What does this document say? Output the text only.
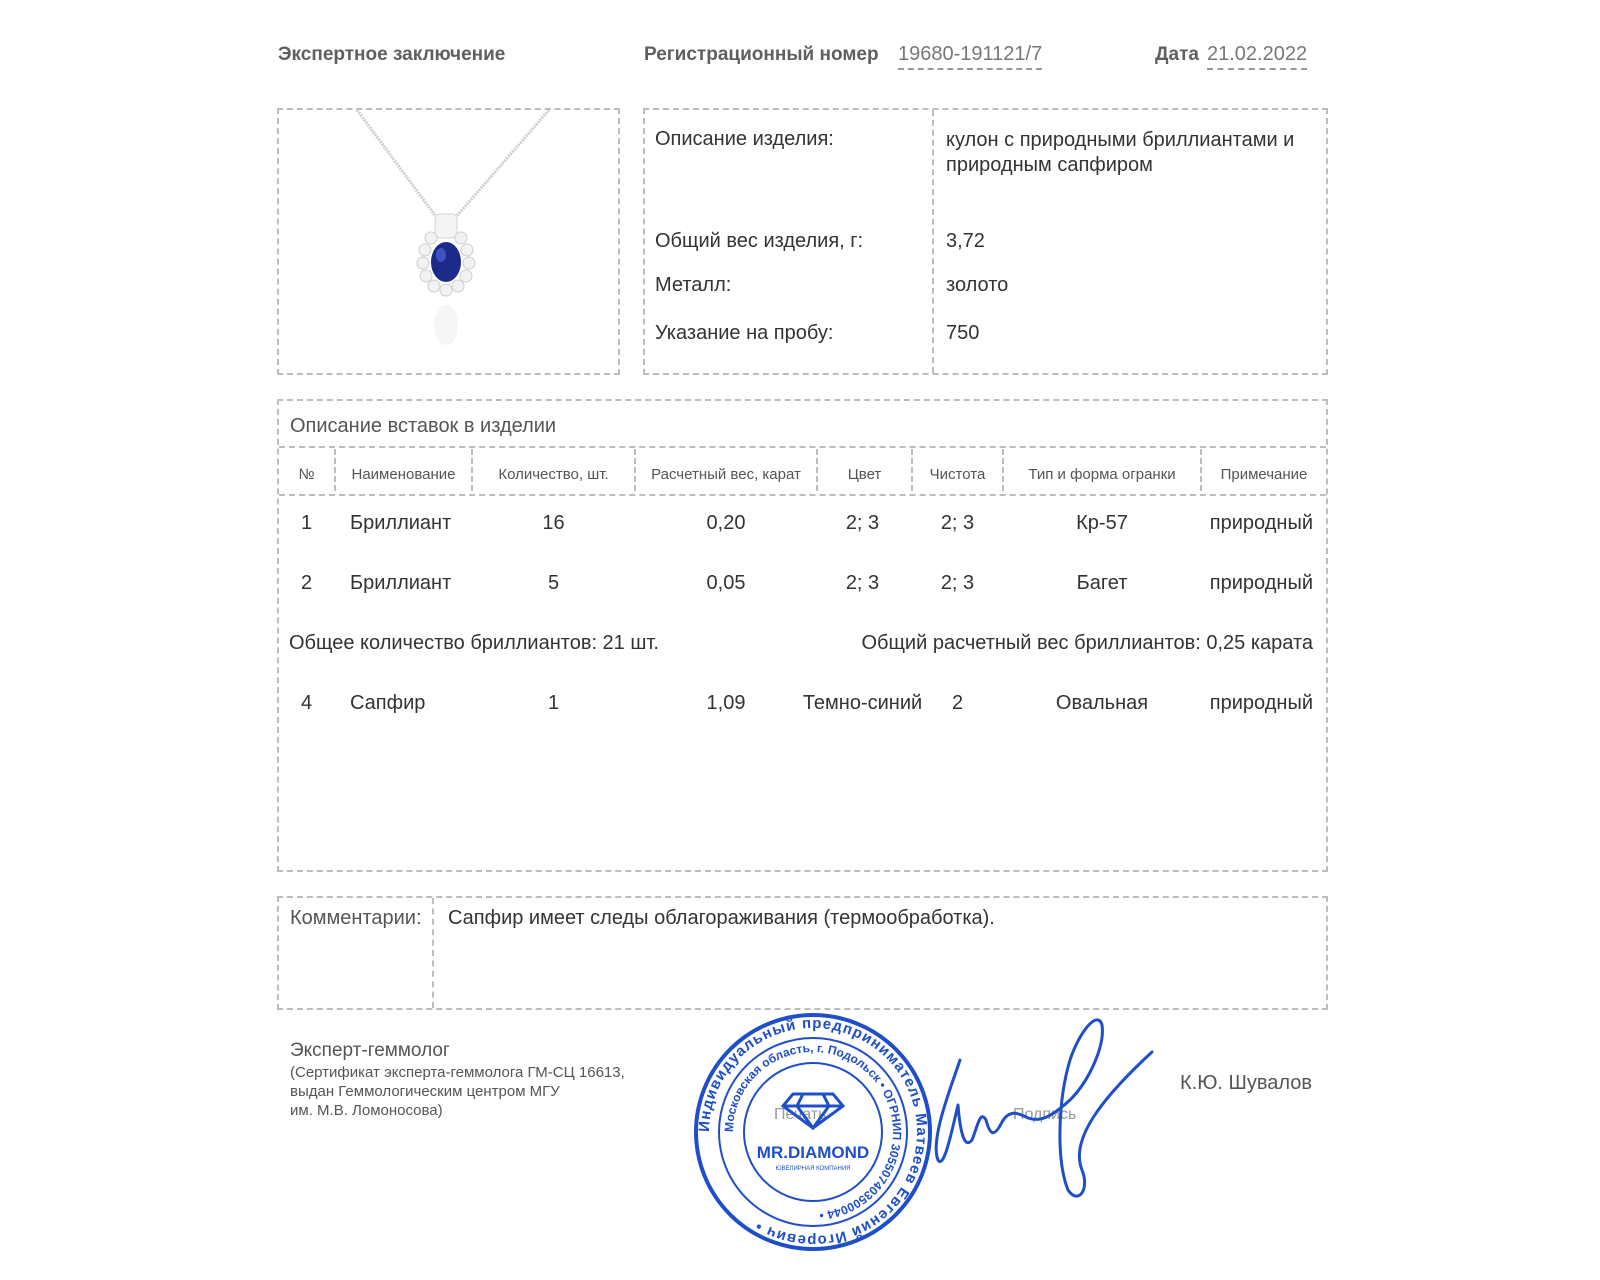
Экспертное заключение	Регистрационный номер 19680-191121/7	Дата 21.02.2022
Описание изделия:	кулон с природными бриллиантами и природным сапфиром
Общий вес изделия, г:	3,72
Металл:	золото
Указание на пробу:	750
Описание вставок в изделии
№	Наименование	Количество, шт.	Расчетный вес, карат	Цвет	Чистота	Тип и форма огранки	Примечание
1	Бриллиант	16	0,20	2; 3	2; 3	Кр-57	природный
2	Бриллиант	5	0,05	2; 3	2; 3	Багет	природный
Общее количество бриллиантов: 21 шт.	Общий расчетный вес бриллиантов: 0,25 карата
4	Сапфир	1	1,09	Темно-синий	2	Овальная	природный
Комментарии: Сапфир имеет следы облагораживания (термообработка).
Эксперт-геммолог
(Сертификат эксперта-геммолога ГМ-СЦ 16613,
выдан Геммологическим центром МГУ
им. М.В. Ломоносова)	Печать	Подпись
К.Ю. Шувалов
Индивидуальный предприниматель Матвеев Евгений Игоревич •
Московская область, г. Подольск • ОГРНИП 305507403500044 •
MR.DIAMOND
ЮВЕЛИРНАЯ КОМПАНИЯ
